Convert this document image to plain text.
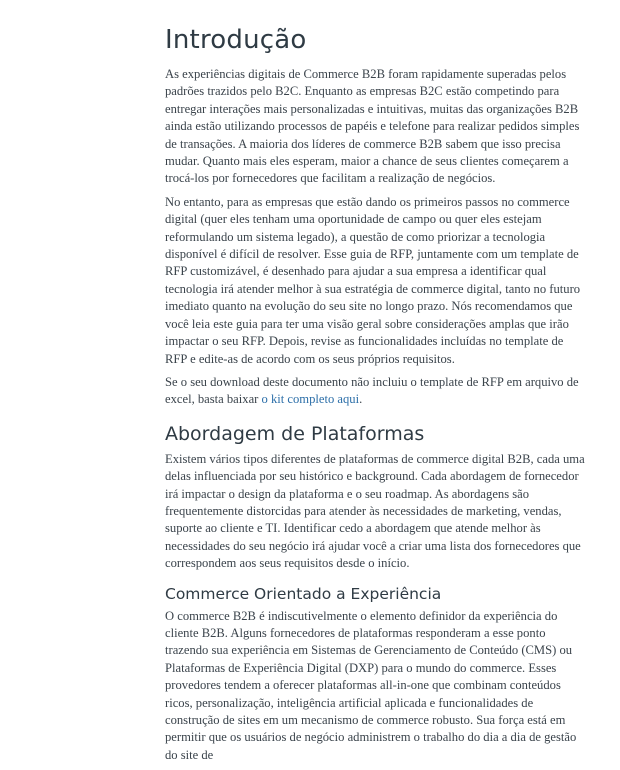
Introdução

As experiências digitais de Commerce B2B foram rapidamente superadas pelos padrões trazidos pelo B2C. Enquanto as empresas B2C estão competindo para entregar interações mais personalizadas e intuitivas, muitas das organizações B2B ainda estão utilizando processos de papéis e telefone para realizar pedidos simples de transações. A maioria dos líderes de commerce B2B sabem que isso precisa mudar. Quanto mais eles esperam, maior a chance de seus clientes começarem a trocá-los por fornecedores que facilitam a realização de negócios.

No entanto, para as empresas que estão dando os primeiros passos no commerce digital (quer eles tenham uma oportunidade de campo ou quer eles estejam reformulando um sistema legado), a questão de como priorizar a tecnologia disponível é difícil de resolver. Esse guia de RFP, juntamente com um template de RFP customizável, é desenhado para ajudar a sua empresa a identificar qual tecnologia irá atender melhor à sua estratégia de commerce digital, tanto no futuro imediato quanto na evolução do seu site no longo prazo. Nós recomendamos que você leia este guia para ter uma visão geral sobre considerações amplas que irão impactar o seu RFP. Depois, revise as funcionalidades incluídas no template de RFP e edite-as de acordo com os seus próprios requisitos.

Se o seu download deste documento não incluiu o template de RFP em arquivo de excel, basta baixar o kit completo aqui.

Abordagem de Plataformas

Existem vários tipos diferentes de plataformas de commerce digital B2B, cada uma delas influenciada por seu histórico e background. Cada abordagem de fornecedor irá impactar o design da plataforma e o seu roadmap. As abordagens são frequentemente distorcidas para atender às necessidades de marketing, vendas, suporte ao cliente e TI. Identificar cedo a abordagem que atende melhor às necessidades do seu negócio irá ajudar você a criar uma lista dos fornecedores que correspondem aos seus requisitos desde o início.

Commerce Orientado a Experiência

O commerce B2B é indiscutivelmente o elemento definidor da experiência do cliente B2B. Alguns fornecedores de plataformas responderam a esse ponto trazendo sua experiência em Sistemas de Gerenciamento de Conteúdo (CMS) ou Plataformas de Experiência Digital (DXP) para o mundo do commerce. Esses provedores tendem a oferecer plataformas all-in-one que combinam conteúdos ricos, personalização, inteligência artificial aplicada e funcionalidades de construção de sites em um mecanismo de commerce robusto. Sua força está em permitir que os usuários de negócio administrem o trabalho do dia a dia de gestão do site de
